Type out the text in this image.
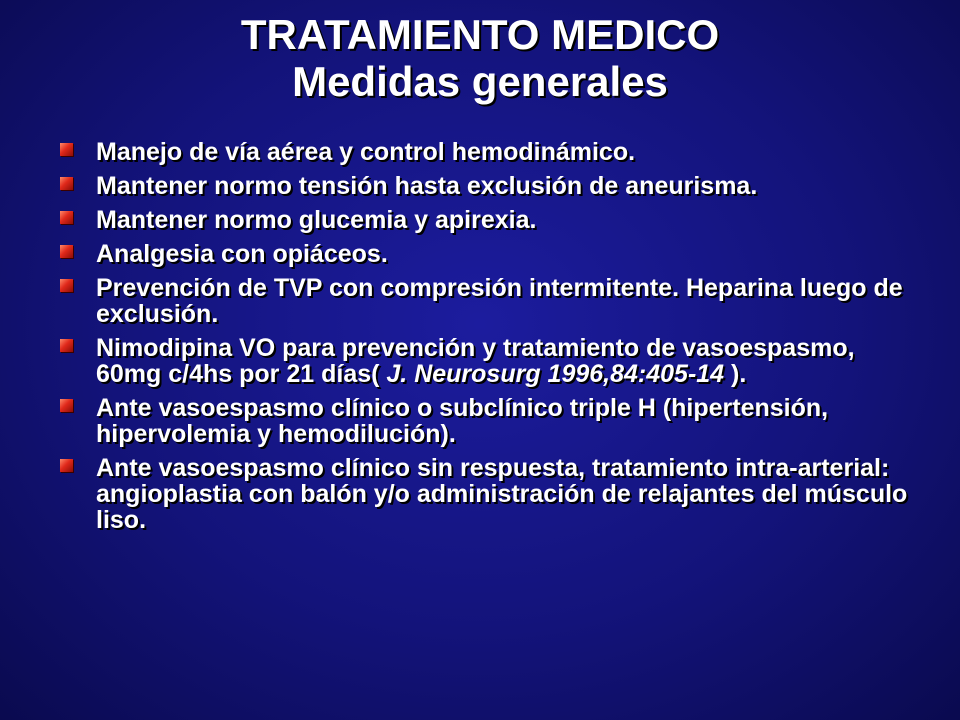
TRATAMIENTO MEDICO
Medidas generales
Manejo de vía aérea y control hemodinámico.
Mantener normo tensión hasta exclusión de aneurisma.
Mantener normo glucemia y apirexia.
Analgesia con opiáceos.
Prevención de TVP con compresión intermitente. Heparina luego de exclusión.
Nimodipina VO para prevención y tratamiento de vasoespasmo, 60mg c/4hs por 21 días( J. Neurosurg 1996,84:405-14 ).
Ante vasoespasmo clínico o subclínico triple H (hipertensión, hipervolemia y hemodilución).
Ante vasoespasmo clínico sin respuesta, tratamiento intra-arterial: angioplastia con balón y/o administración de relajantes del músculo liso.
